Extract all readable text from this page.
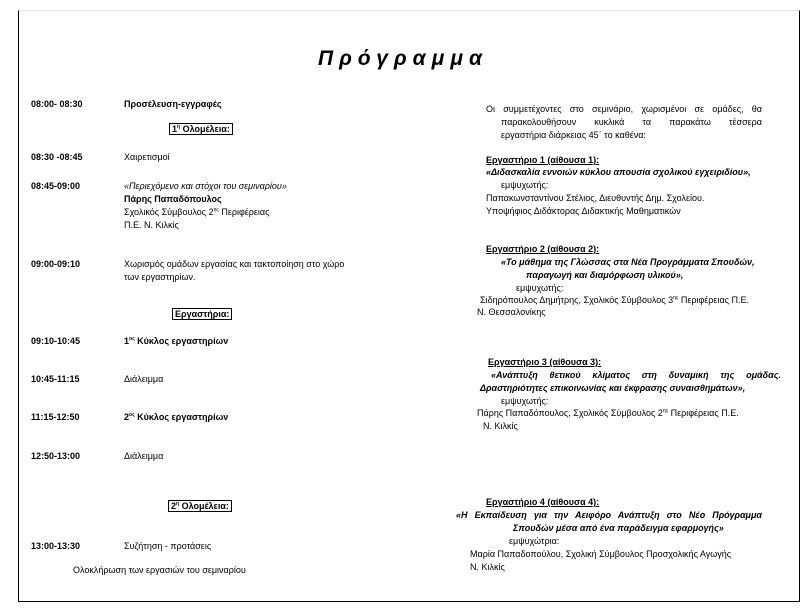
Πρόγραμμα
08:00- 08:30	Προσέλευση-εγγραφές
$1^\eta$ Ολομέλεια:
08:30 -08:45	Χαιρετισμοί
08:45-09:00	«Περιεχόμενο και στόχοι του σεμιναρίου»
Πάρης Παπαδόπουλος
Σχολικός Σύμβουλος $2^{\eta\varsigma}$ Περιφέρειας
Π.Ε. Ν. Κιλκίς
09:00-09:10	Χωρισμός ομάδων εργασίας και τακτοποίηση στο χώρο
των εργαστηρίων.
Εργαστήρια:
09:10-10:45	$1^{o\varsigma}$ Κύκλος εργαστηρίων
10:45-11:15	Διάλειμμα
11:15-12:50	$2^{o\varsigma}$ Κύκλος εργαστηρίων
12:50-13:00	Διάλειμμα
$2^\eta$ Ολομέλεια:
13:00-13:30	Συζήτηση - προτάσεις
Ολοκλήρωση των εργασιών του σεμιναρίου
Οι συμμετέχοντες στο σεμινάριο, χωρισμένοι σε ομάδες, θα
παρακολουθήσουν κυκλικά τα παρακάτω τέσσερα
εργαστήρια διάρκειας 45΄ το καθένα:
Εργαστήριο 1 (αίθουσα 1):
«Διδασκαλία εννοιών κύκλου απουσία σχολικού εγχειριδίου»,
εμψυχωτής:
Παπακωνσταντίνου Στέλιος, Διευθυντής Δημ. Σχολείου.
Υποψήφιος Διδάκτορας Διδακτικής Μαθηματικών
Εργαστήριο 2 (αίθουσα 2):
«Το μάθημα της Γλώσσας στα Νέα Προγράμματα Σπουδών,
παραγωγή και διαμόρφωση υλικού»,
εμψυχωτής:
Σιδηρόπουλος Δημήτρης, Σχολικός Σύμβουλος $3^{\eta\varsigma}$ Περιφέρειας Π.Ε.
Ν. Θεσσαλονίκης
Εργαστήριο 3 (αίθουσα 3):
«Ανάπτυξη θετικού κλίματος στη δυναμική της ομάδας.
Δραστηριότητες επικοινωνίας και έκφρασης συναισθημάτων»,
εμψυχωτής:
Πάρης Παπαδόπουλος, Σχολικός Σύμβουλος $2^{\eta\varsigma}$ Περιφέρειας Π.Ε.
Ν. Κιλκίς
Εργαστήριο 4 (αίθουσα 4):
«Η Εκπαίδευση για την Αειφόρο Ανάπτυξη στο Νέο Πρόγραμμα
Σπουδών μέσα από ένα παράδειγμα εφαρμογής»
εμψυχώτρια:
Μαρία Παπαδοπούλου, Σχολική Σύμβουλος Προσχολικής Αγωγής
Ν. Κιλκίς
